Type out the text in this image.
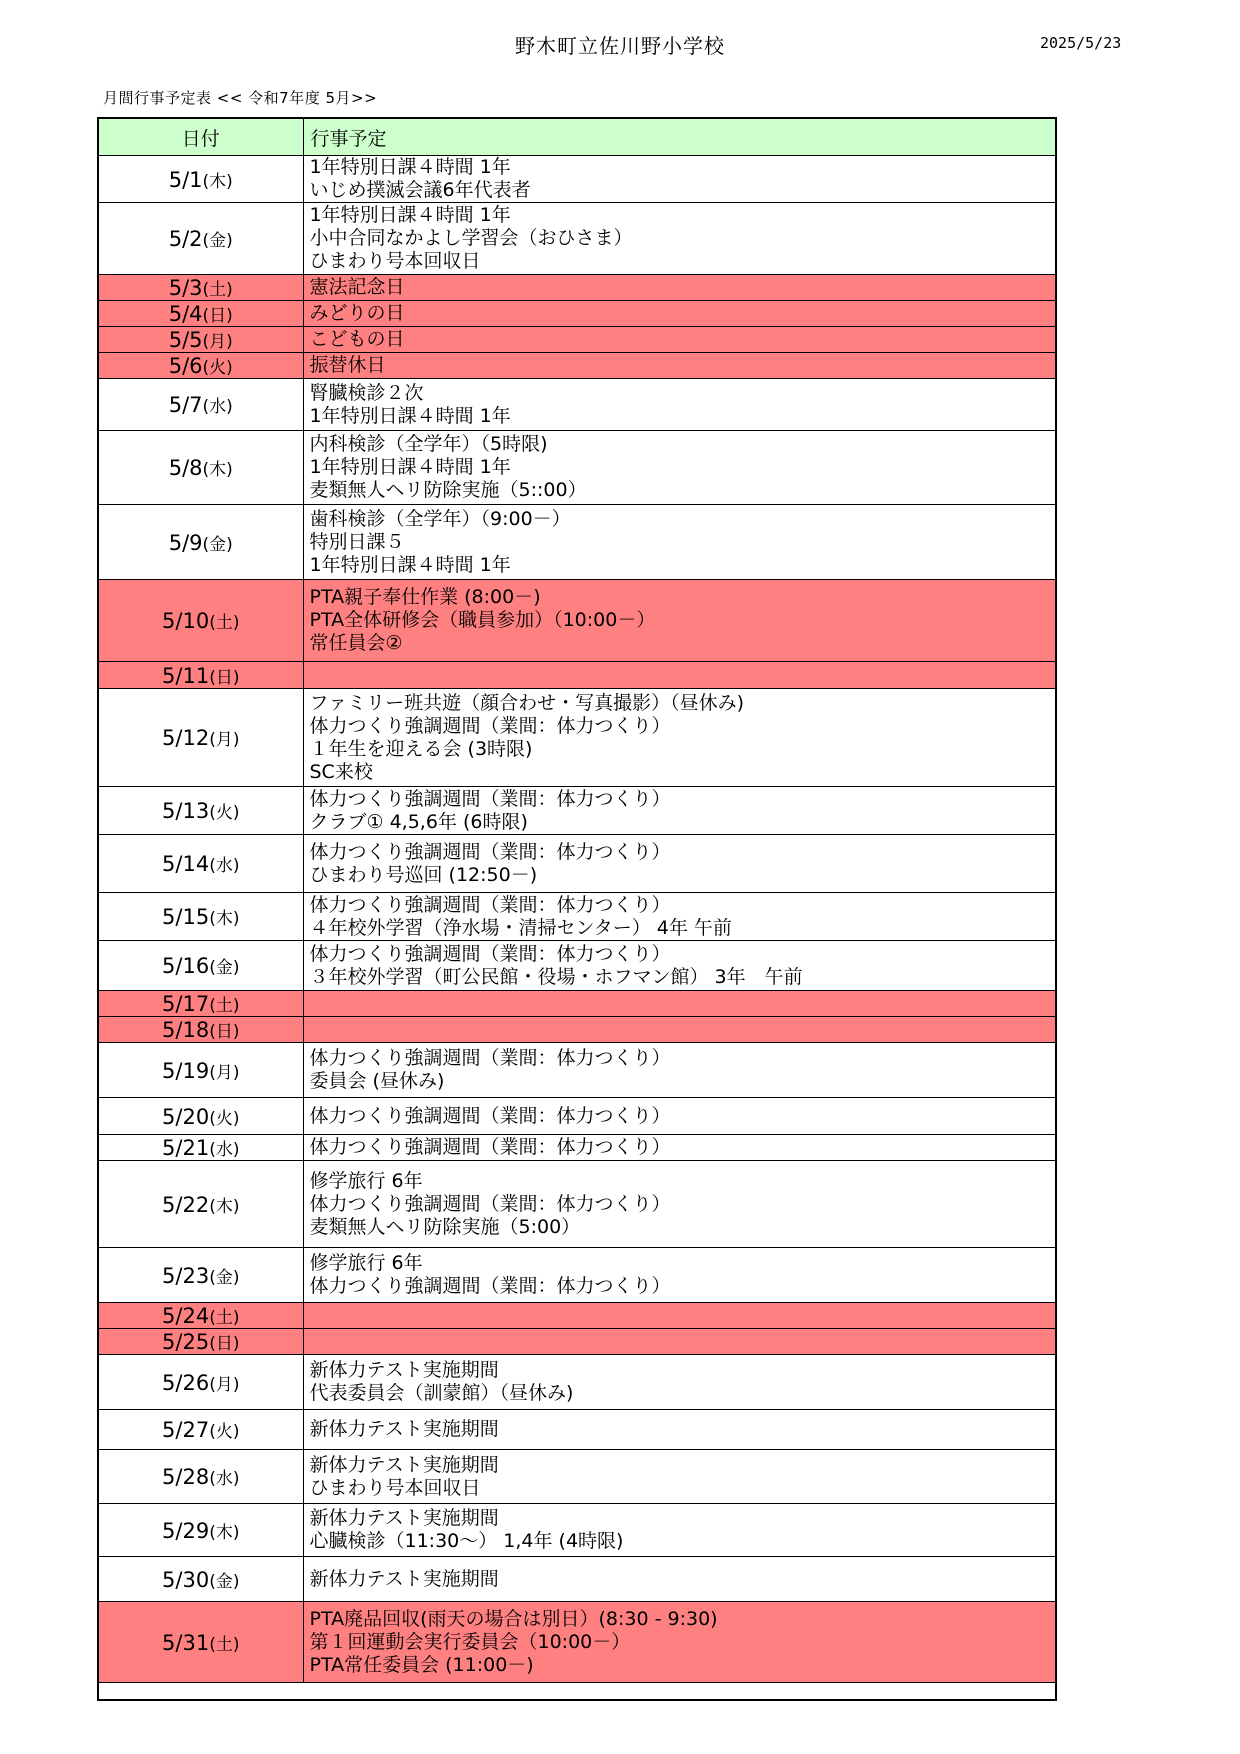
野木町立佐川野小学校	2025/5/23
月間行事予定表 << 令和7年度 5月>>
日付	行事予定
5/1(木)	1年特別日課４時間 1年
いじめ撲滅会議6年代表者

5/2(金)	1年特別日課４時間 1年
小中合同なかよし学習会（おひさま）
ひまわり号本回収日

5/3(土)	憲法記念日

5/4(日)	みどりの日

5/5(月)	こどもの日

5/6(火)	振替休日

5/7(水)	腎臓検診２次
1年特別日課４時間 1年

5/8(木)	内科検診（全学年）（5時限)
1年特別日課４時間 1年
麦類無人ヘリ防除実施（5::00）

5/9(金)	歯科検診（全学年）（9:00－）
特別日課５
1年特別日課４時間 1年

5/10(土)	PTA親子奉仕作業 (8:00－)
PTA全体研修会（職員参加）（10:00－）
常任員会②

5/11(日)	

5/12(月)	ファミリー班共遊（顔合わせ・写真撮影）（昼休み)
体力つくり強調週間（業間：体力つくり）
１年生を迎える会 (3時限)
SC来校

5/13(火)	体力つくり強調週間（業間：体力つくり）
クラブ① 4,5,6年 (6時限)

5/14(水)	体力つくり強調週間（業間：体力つくり）
ひまわり号巡回 (12:50－)

5/15(木)	体力つくり強調週間（業間：体力つくり）
４年校外学習（浄水場・清掃センター） 4年 午前

5/16(金)	体力つくり強調週間（業間：体力つくり）
３年校外学習（町公民館・役場・ホフマン館） 3年　午前

5/17(土)	

5/18(日)	

5/19(月)	体力つくり強調週間（業間：体力つくり）
委員会 (昼休み)

5/20(火)	体力つくり強調週間（業間：体力つくり）

5/21(水)	体力つくり強調週間（業間：体力つくり）

5/22(木)	修学旅行 6年
体力つくり強調週間（業間：体力つくり）
麦類無人ヘリ防除実施（5:00）

5/23(金)	修学旅行 6年
体力つくり強調週間（業間：体力つくり）

5/24(土)	

5/25(日)	

5/26(月)	新体力テスト実施期間
代表委員会（訓蒙館）（昼休み)

5/27(火)	新体力テスト実施期間

5/28(水)	新体力テスト実施期間
ひまわり号本回収日

5/29(木)	新体力テスト実施期間
心臓検診（11:30～） 1,4年 (4時限)

5/30(金)	新体力テスト実施期間

5/31(土)	PTA廃品回収(雨天の場合は別日）(8:30 - 9:30)
第１回運動会実行委員会（10:00－）
PTA常任委員会 (11:00－)
